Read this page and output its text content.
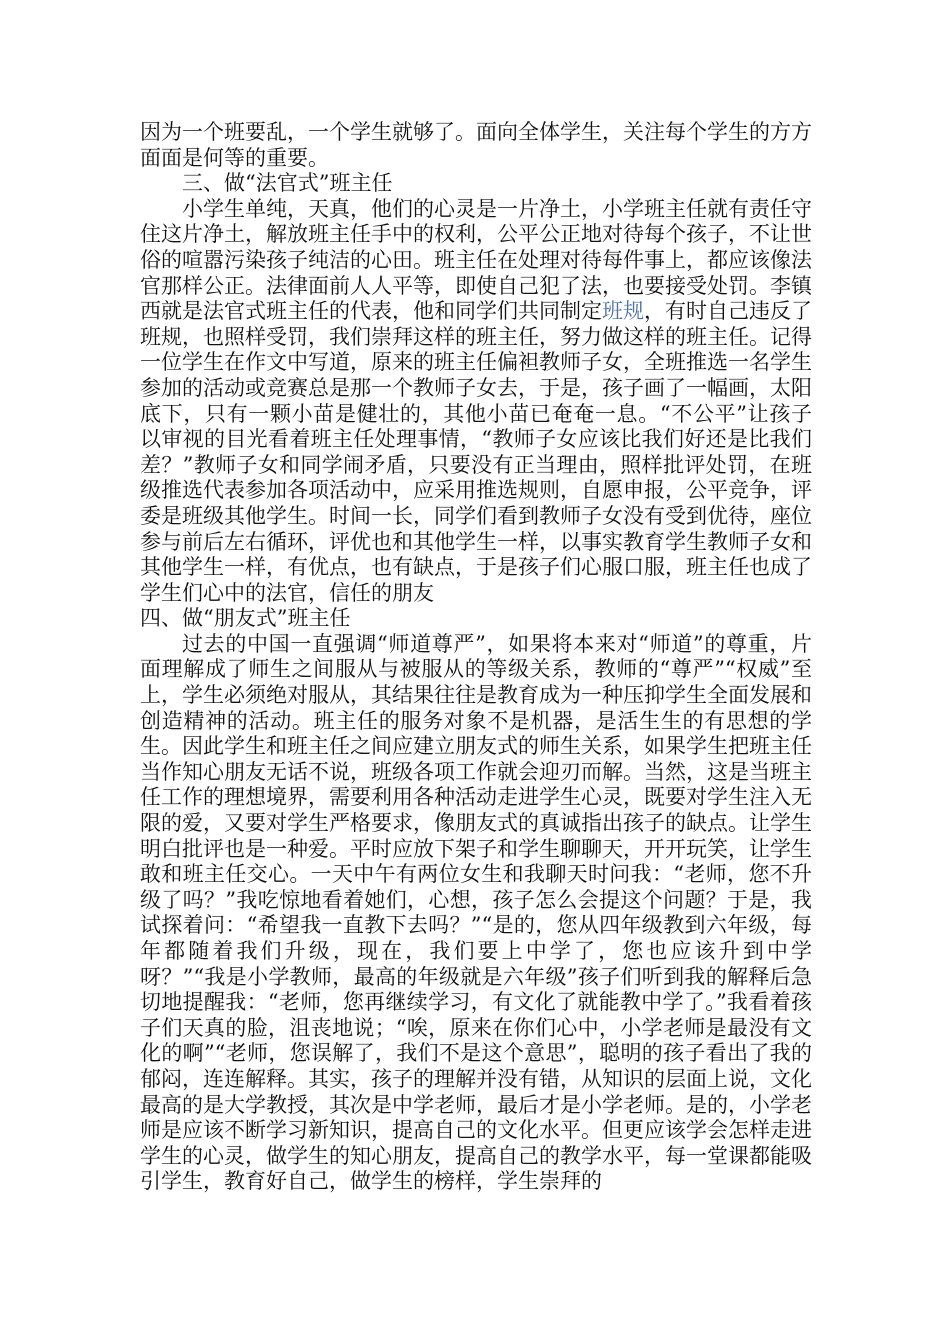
因为一个班要乱，一个学生就够了。面向全体学生，关注每个学生的方方面面是何等的重要。

三、做“法官式”班主任

小学生单纯，天真，他们的心灵是一片净土，小学班主任就有责任守住这片净土，解放班主任手中的权利，公平公正地对待每个孩子，不让世俗的喧嚣污染孩子纯洁的心田。班主任在处理对待每件事上，都应该像法官那样公正。法律面前人人平等，即使自己犯了法，也要接受处罚。李镇西就是法官式班主任的代表，他和同学们共同制定班规，有时自己违反了班规，也照样受罚，我们崇拜这样的班主任，努力做这样的班主任。记得一位学生在作文中写道，原来的班主任偏袒教师子女，全班推选一名学生参加的活动或竞赛总是那一个教师子女去，于是，孩子画了一幅画，太阳底下，只有一颗小苗是健壮的，其他小苗已奄奄一息。“不公平”让孩子以审视的目光看着班主任处理事情，“教师子女应该比我们好还是比我们差？”教师子女和同学闹矛盾，只要没有正当理由，照样批评处罚，在班级推选代表参加各项活动中，应采用推选规则，自愿申报，公平竞争，评委是班级其他学生。时间一长，同学们看到教师子女没有受到优待，座位参与前后左右循环，评优也和其他学生一样，以事实教育学生教师子女和其他学生一样，有优点，也有缺点，于是孩子们心服口服，班主任也成了学生们心中的法官，信任的朋友

四、做“朋友式”班主任

过去的中国一直强调“师道尊严”，如果将本来对“师道”的尊重，片面理解成了师生之间服从与被服从的等级关系，教师的“尊严”“权威”至上，学生必须绝对服从，其结果往往是教育成为一种压抑学生全面发展和创造精神的活动。班主任的服务对象不是机器，是活生生的有思想的学生。因此学生和班主任之间应建立朋友式的师生关系，如果学生把班主任当作知心朋友无话不说，班级各项工作就会迎刃而解。当然，这是当班主任工作的理想境界，需要利用各种活动走进学生心灵，既要对学生注入无限的爱，又要对学生严格要求，像朋友式的真诚指出孩子的缺点。让学生明白批评也是一种爱。平时应放下架子和学生聊聊天，开开玩笑，让学生敢和班主任交心。一天中午有两位女生和我聊天时问我：“老师，您不升级了吗？”我吃惊地看着她们，心想，孩子怎么会提这个问题？于是，我试探着问：“希望我一直教下去吗？”“是的，您从四年级教到六年级，每年都随着我们升级，现在，我们要上中学了，您也应该升到中学呀？”“我是小学教师，最高的年级就是六年级”孩子们听到我的解释后急切地提醒我：“老师，您再继续学习，有文化了就能教中学了。”我看着孩子们天真的脸，沮丧地说；“唉，原来在你们心中，小学老师是最没有文化的啊”“老师，您误解了，我们不是这个意思”，聪明的孩子看出了我的郁闷，连连解释。其实，孩子的理解并没有错，从知识的层面上说，文化最高的是大学教授，其次是中学老师，最后才是小学老师。是的，小学老师是应该不断学习新知识，提高自己的文化水平。但更应该学会怎样走进学生的心灵，做学生的知心朋友，提高自己的教学水平，每一堂课都能吸引学生，教育好自己，做学生的榜样，学生崇拜的
